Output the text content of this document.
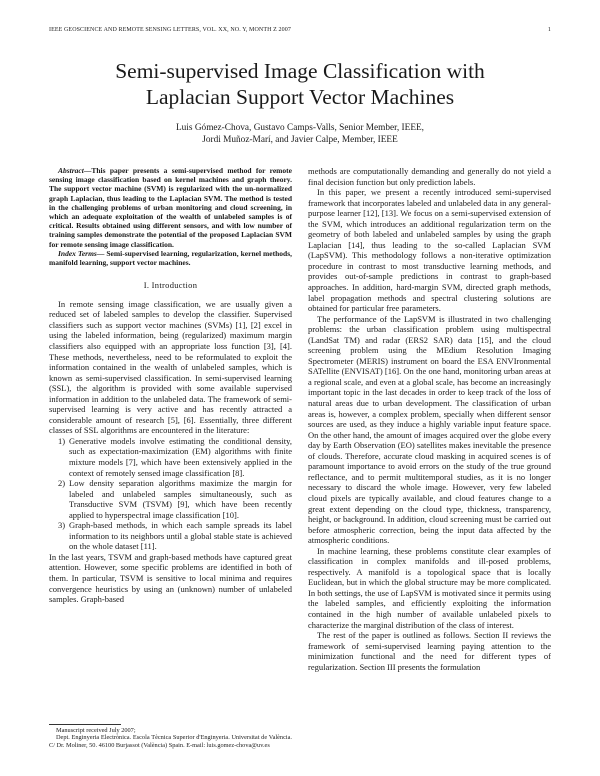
IEEE GEOSCIENCE AND REMOTE SENSING LETTERS, VOL. XX, NO. Y, MONTH Z 2007	1
Semi-supervised Image Classification with
Laplacian Support Vector Machines
Luis Gómez-Chova, Gustavo Camps-Valls, Senior Member, IEEE,
Jordi Muñoz-Marí, and Javier Calpe, Member, IEEE

Abstract—This paper presents a semi-supervised method for remote sensing image classification based on kernel machines and graph theory. The support vector machine (SVM) is regularized with the un-normalized graph Laplacian, thus leading to the Laplacian SVM. The method is tested in the challenging problems of urban monitoring and cloud screening, in which an adequate exploitation of the wealth of unlabeled samples is of critical. Results obtained using different sensors, and with low number of training samples demonstrate the potential of the proposed Laplacian SVM for remote sensing image classification.

Index Terms— Semi-supervised learning, regularization, kernel methods, manifold learning, support vector machines.

I. Introduction

In remote sensing image classification, we are usually given a reduced set of labeled samples to develop the classifier. Supervised classifiers such as support vector machines (SVMs) [1], [2] excel in using the labeled information, being (regularized) maximum margin classifiers also equipped with an appropriate loss function [3], [4]. These methods, nevertheless, need to be reformulated to exploit the information contained in the wealth of unlabeled samples, which is known as semi-supervised classification. In semi-supervised learning (SSL), the algorithm is provided with some available supervised information in addition to the unlabeled data. The framework of semi-supervised learning is very active and has recently attracted a considerable amount of research [5], [6]. Essentially, three different classes of SSL algorithms are encountered in the literature:

1) Generative models involve estimating the conditional density, such as expectation-maximization (EM) algorithms with finite mixture models [7], which have been extensively applied in the context of remotely sensed image classification [8].
2) Low density separation algorithms maximize the margin for labeled and unlabeled samples simultaneously, such as Transductive SVM (TSVM) [9], which have been recently applied to hyperspectral image classification [10].
3) Graph-based methods, in which each sample spreads its label information to its neighbors until a global stable state is achieved on the whole dataset [11].

In the last years, TSVM and graph-based methods have captured great attention. However, some specific problems are identified in both of them. In particular, TSVM is sensitive to local minima and requires convergence heuristics by using an (unknown) number of unlabeled samples. Graph-based

Manuscript received July 2007;

Dept. Enginyeria Electrònica. Escola Tècnica Superior d'Enginyeria. Universitat de València. C/ Dr. Moliner, 50. 46100 Burjassot (València) Spain. E-mail: luis.gomez-chova@uv.es

methods are computationally demanding and generally do not yield a final decision function but only prediction labels.

In this paper, we present a recently introduced semi-supervised framework that incorporates labeled and unlabeled data in any general-purpose learner [12], [13]. We focus on a semi-supervised extension of the SVM, which introduces an additional regularization term on the geometry of both labeled and unlabeled samples by using the graph Laplacian [14], thus leading to the so-called Laplacian SVM (LapSVM). This methodology follows a non-iterative optimization procedure in contrast to most transductive learning methods, and provides out-of-sample predictions in contrast to graph-based approaches. In addition, hard-margin SVM, directed graph methods, label propagation methods and spectral clustering solutions are obtained for particular free parameters.

The performance of the LapSVM is illustrated in two challenging problems: the urban classification problem using multispectral (LandSat TM) and radar (ERS2 SAR) data [15], and the cloud screening problem using the MEdium Resolution Imaging Spectrometer (MERIS) instrument on board the ESA ENVIronmental SATellite (ENVISAT) [16]. On the one hand, monitoring urban areas at a regional scale, and even at a global scale, has become an increasingly important topic in the last decades in order to keep track of the loss of natural areas due to urban development. The classification of urban areas is, however, a complex problem, specially when different sensor sources are used, as they induce a highly variable input feature space. On the other hand, the amount of images acquired over the globe every day by Earth Observation (EO) satellites makes inevitable the presence of clouds. Therefore, accurate cloud masking in acquired scenes is of paramount importance to avoid errors on the study of the true ground reflectance, and to permit multitemporal studies, as it is no longer necessary to discard the whole image. However, very few labeled cloud pixels are typically available, and cloud features change to a great extent depending on the cloud type, thickness, transparency, height, or background. In addition, cloud screening must be carried out before atmospheric correction, being the input data affected by the atmospheric conditions.

In machine learning, these problems constitute clear examples of classification in complex manifolds and ill-posed problems, respectively. A manifold is a topological space that is locally Euclidean, but in which the global structure may be more complicated. In both settings, the use of LapSVM is motivated since it permits using the labeled samples, and efficiently exploiting the information contained in the high number of available unlabeled pixels to characterize the marginal distribution of the class of interest.

The rest of the paper is outlined as follows. Section II reviews the framework of semi-supervised learning paying attention to the minimization functional and the need for different types of regularization. Section III presents the formulation
